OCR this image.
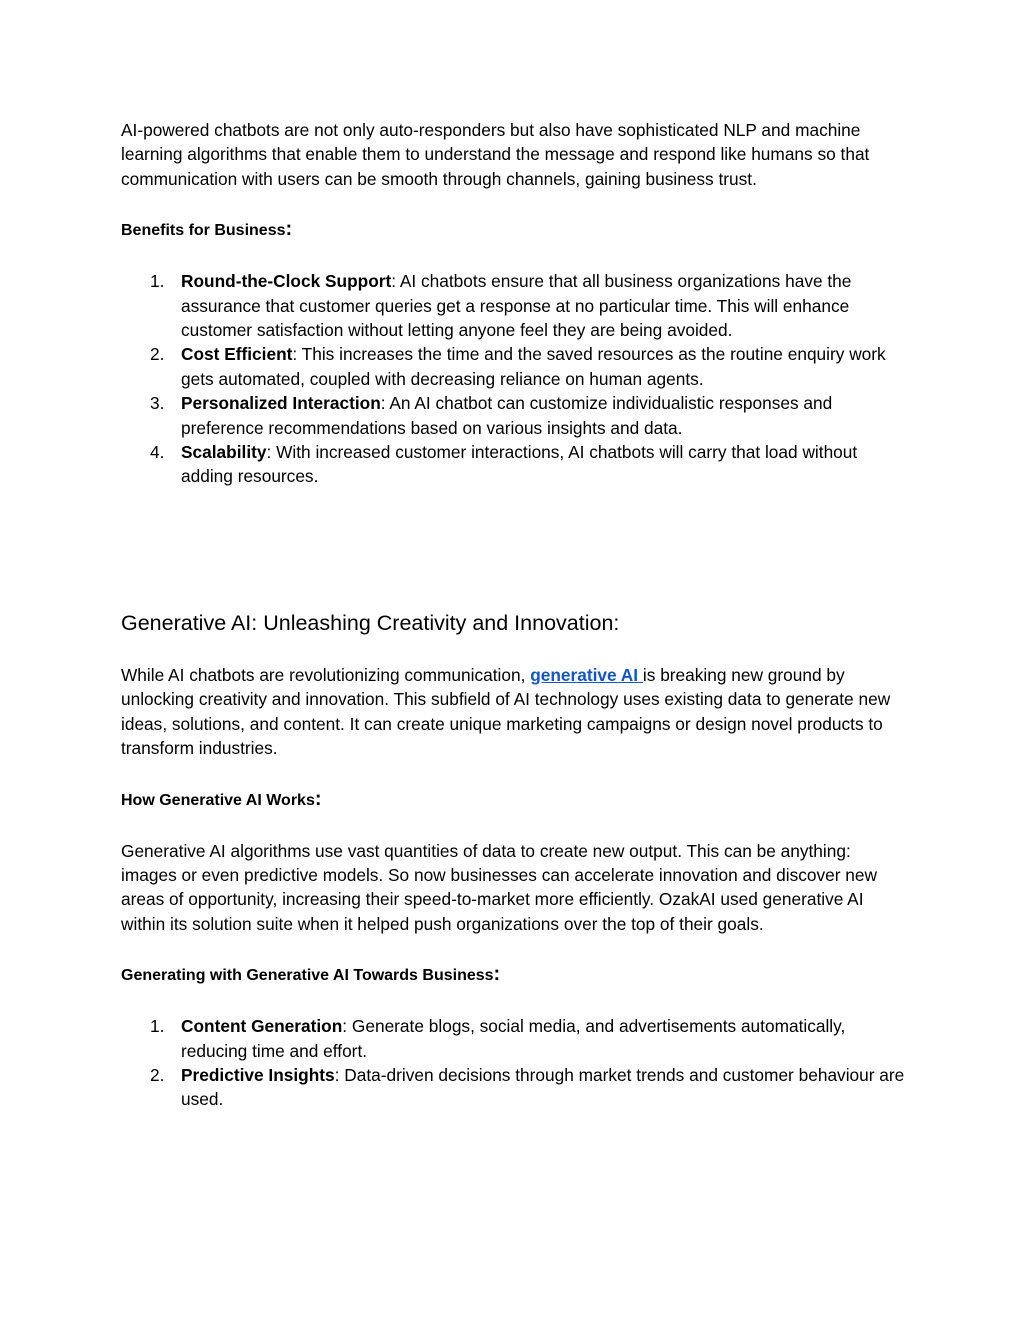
AI-powered chatbots are not only auto-responders but also have sophisticated NLP and machine learning algorithms that enable them to understand the message and respond like humans so that communication with users can be smooth through channels, gaining business trust.

Benefits for Business:

1. Round-the-Clock Support: AI chatbots ensure that all business organizations have the assurance that customer queries get a response at no particular time. This will enhance customer satisfaction without letting anyone feel they are being avoided.
2. Cost Efficient: This increases the time and the saved resources as the routine enquiry work gets automated, coupled with decreasing reliance on human agents.
3. Personalized Interaction: An AI chatbot can customize individualistic responses and preference recommendations based on various insights and data.
4. Scalability: With increased customer interactions, AI chatbots will carry that load without adding resources.
Generative AI: Unleashing Creativity and Innovation:

While AI chatbots are revolutionizing communication, generative AI is breaking new ground by unlocking creativity and innovation. This subfield of AI technology uses existing data to generate new ideas, solutions, and content. It can create unique marketing campaigns or design novel products to transform industries.

How Generative AI Works:

Generative AI algorithms use vast quantities of data to create new output. This can be anything: images or even predictive models. So now businesses can accelerate innovation and discover new areas of opportunity, increasing their speed-to-market more efficiently. OzakAI used generative AI within its solution suite when it helped push organizations over the top of their goals.

Generating with Generative AI Towards Business:

1. Content Generation: Generate blogs, social media, and advertisements automatically, reducing time and effort.
2. Predictive Insights: Data-driven decisions through market trends and customer behaviour are used.
